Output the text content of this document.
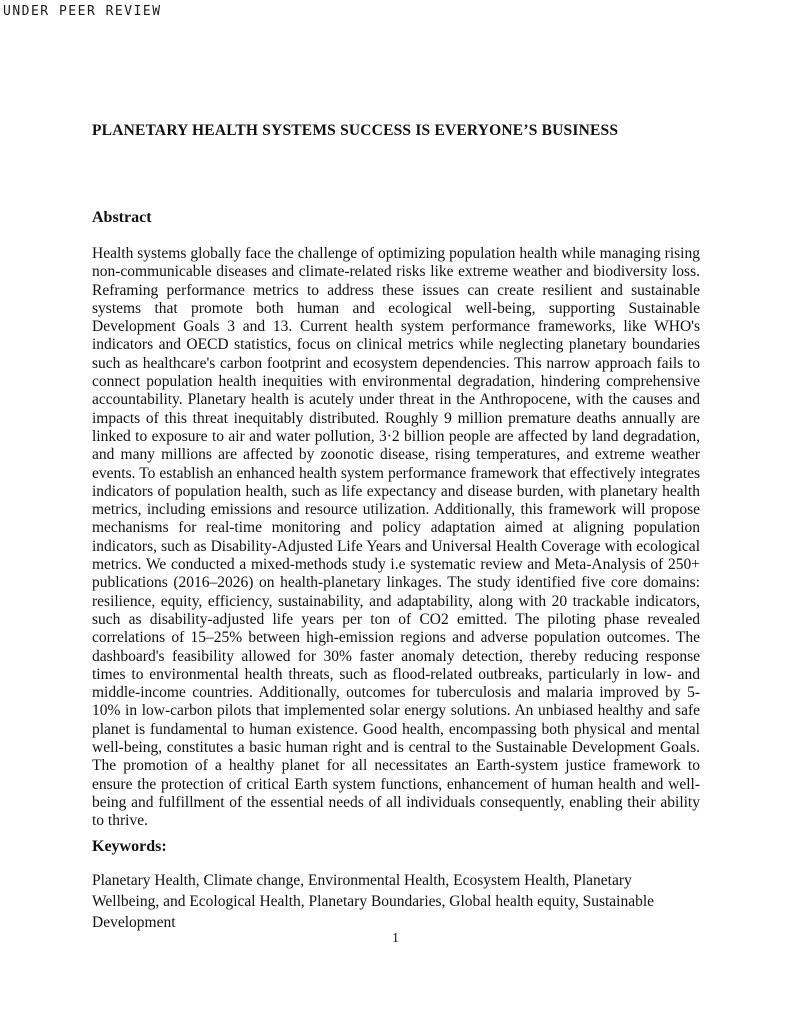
UNDER PEER REVIEW
PLANETARY HEALTH SYSTEMS SUCCESS IS EVERYONE’S BUSINESS
Abstract

Health systems globally face the challenge of optimizing population health while managing rising non-communicable diseases and climate-related risks like extreme weather and biodiversity loss. Reframing performance metrics to address these issues can create resilient and sustainable systems that promote both human and ecological well-being, supporting Sustainable Development Goals 3 and 13. Current health system performance frameworks, like WHO's indicators and OECD statistics, focus on clinical metrics while neglecting planetary boundaries such as healthcare's carbon footprint and ecosystem dependencies. This narrow approach fails to connect population health inequities with environmental degradation, hindering comprehensive accountability. Planetary health is acutely under threat in the Anthropocene, with the causes and impacts of this threat inequitably distributed. Roughly 9 million premature deaths annually are linked to exposure to air and water pollution, 3·2 billion people are affected by land degradation, and many millions are affected by zoonotic disease, rising temperatures, and extreme weather events. To establish an enhanced health system performance framework that effectively integrates indicators of population health, such as life expectancy and disease burden, with planetary health metrics, including emissions and resource utilization. Additionally, this framework will propose mechanisms for real-time monitoring and policy adaptation aimed at aligning population indicators, such as Disability-Adjusted Life Years and Universal Health Coverage with ecological metrics. We conducted a mixed-methods study i.e systematic review and Meta-Analysis of 250+ publications (2016–2026) on health-planetary linkages. The study identified five core domains: resilience, equity, efficiency, sustainability, and adaptability, along with 20 trackable indicators, such as disability-adjusted life years per ton of CO2 emitted. The piloting phase revealed correlations of 15–25% between high-emission regions and adverse population outcomes. The dashboard's feasibility allowed for 30% faster anomaly detection, thereby reducing response times to environmental health threats, such as flood-related outbreaks, particularly in low- and middle-income countries. Additionally, outcomes for tuberculosis and malaria improved by 5-10% in low-carbon pilots that implemented solar energy solutions. An unbiased healthy and safe planet is fundamental to human existence. Good health, encompassing both physical and mental well-being, constitutes a basic human right and is central to the Sustainable Development Goals. The promotion of a healthy planet for all necessitates an Earth-system justice framework to ensure the protection of critical Earth system functions, enhancement of human health and well-being and fulfillment of the essential needs of all individuals consequently, enabling their ability to thrive.

Keywords:

Planetary Health, Climate change, Environmental Health, Ecosystem Health, Planetary Wellbeing, and Ecological Health, Planetary Boundaries, Global health equity, Sustainable Development

1
